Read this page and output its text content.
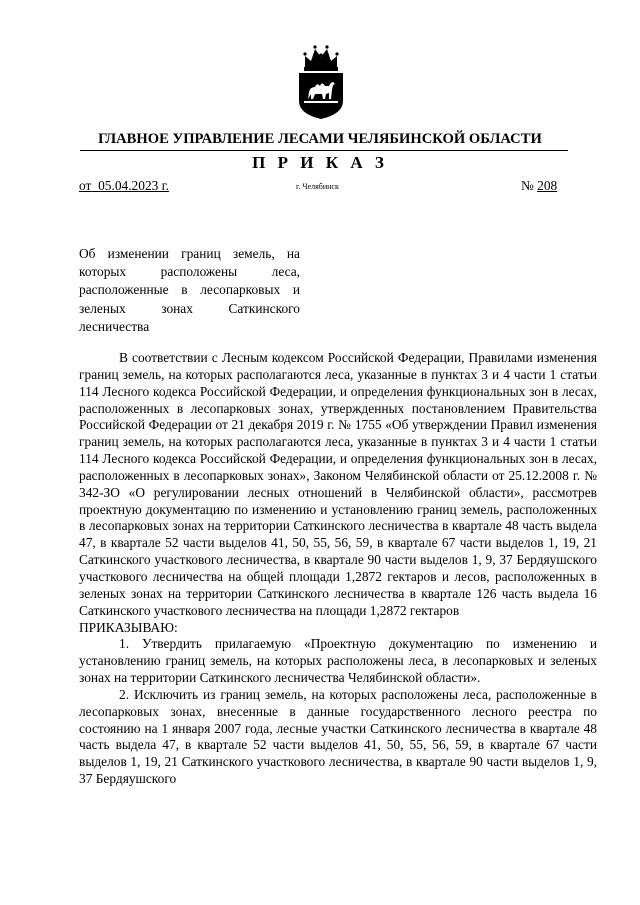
ГЛАВНОЕ УПРАВЛЕНИЕ ЛЕСАМИ ЧЕЛЯБИНСКОЙ ОБЛАСТИ
П Р И К А З
от 05.04.2023 г.	г. Челябинск	№ 208
Об изменении границ земель, на которых расположены леса, расположенные в лесопарковых и зеленых зонах Саткинского лесничества

В соответствии с Лесным кодексом Российской Федерации, Правилами изменения границ земель, на которых располагаются леса, указанные в пунктах 3 и 4 части 1 статьи 114 Лесного кодекса Российской Федерации, и определения функциональных зон в лесах, расположенных в лесопарковых зонах, утвержденных постановлением Правительства Российской Федерации от 21 декабря 2019 г. № 1755 «Об утверждении Правил изменения границ земель, на которых располагаются леса, указанные в пунктах 3 и 4 части 1 статьи 114 Лесного кодекса Российской Федерации, и определения функциональных зон в лесах, расположенных в лесопарковых зонах», Законом Челябинской области от 25.12.2008 г. № 342-ЗО «О регулировании лесных отношений в Челябинской области», рассмотрев проектную документацию по изменению и установлению границ земель, расположенных в лесопарковых зонах на территории Саткинского лесничества в квартале 48 часть выдела 47, в квартале 52 части выделов 41, 50, 55, 56, 59, в квартале 67 части выделов 1, 19, 21 Саткинского участкового лесничества, в квартале 90 части выделов 1, 9, 37 Бердяушского участкового лесничества на общей площади 1,2872 гектаров и лесов, расположенных в зеленых зонах на территории Саткинского лесничества в квартале 126 часть выдела 16 Саткинского участкового лесничества на площади 1,2872 гектаров

ПРИКАЗЫВАЮ:

1. Утвердить прилагаемую «Проектную документацию по изменению и установлению границ земель, на которых расположены леса, в лесопарковых и зеленых зонах на территории Саткинского лесничества Челябинской области».

2. Исключить из границ земель, на которых расположены леса, расположенные в лесопарковых зонах, внесенные в данные государственного лесного реестра по состоянию на 1 января 2007 года, лесные участки Саткинского лесничества в квартале 48 часть выдела 47, в квартале 52 части выделов 41, 50, 55, 56, 59, в квартале 67 части выделов 1, 19, 21 Саткинского участкового лесничества, в квартале 90 части выделов 1, 9, 37 Бердяушского
